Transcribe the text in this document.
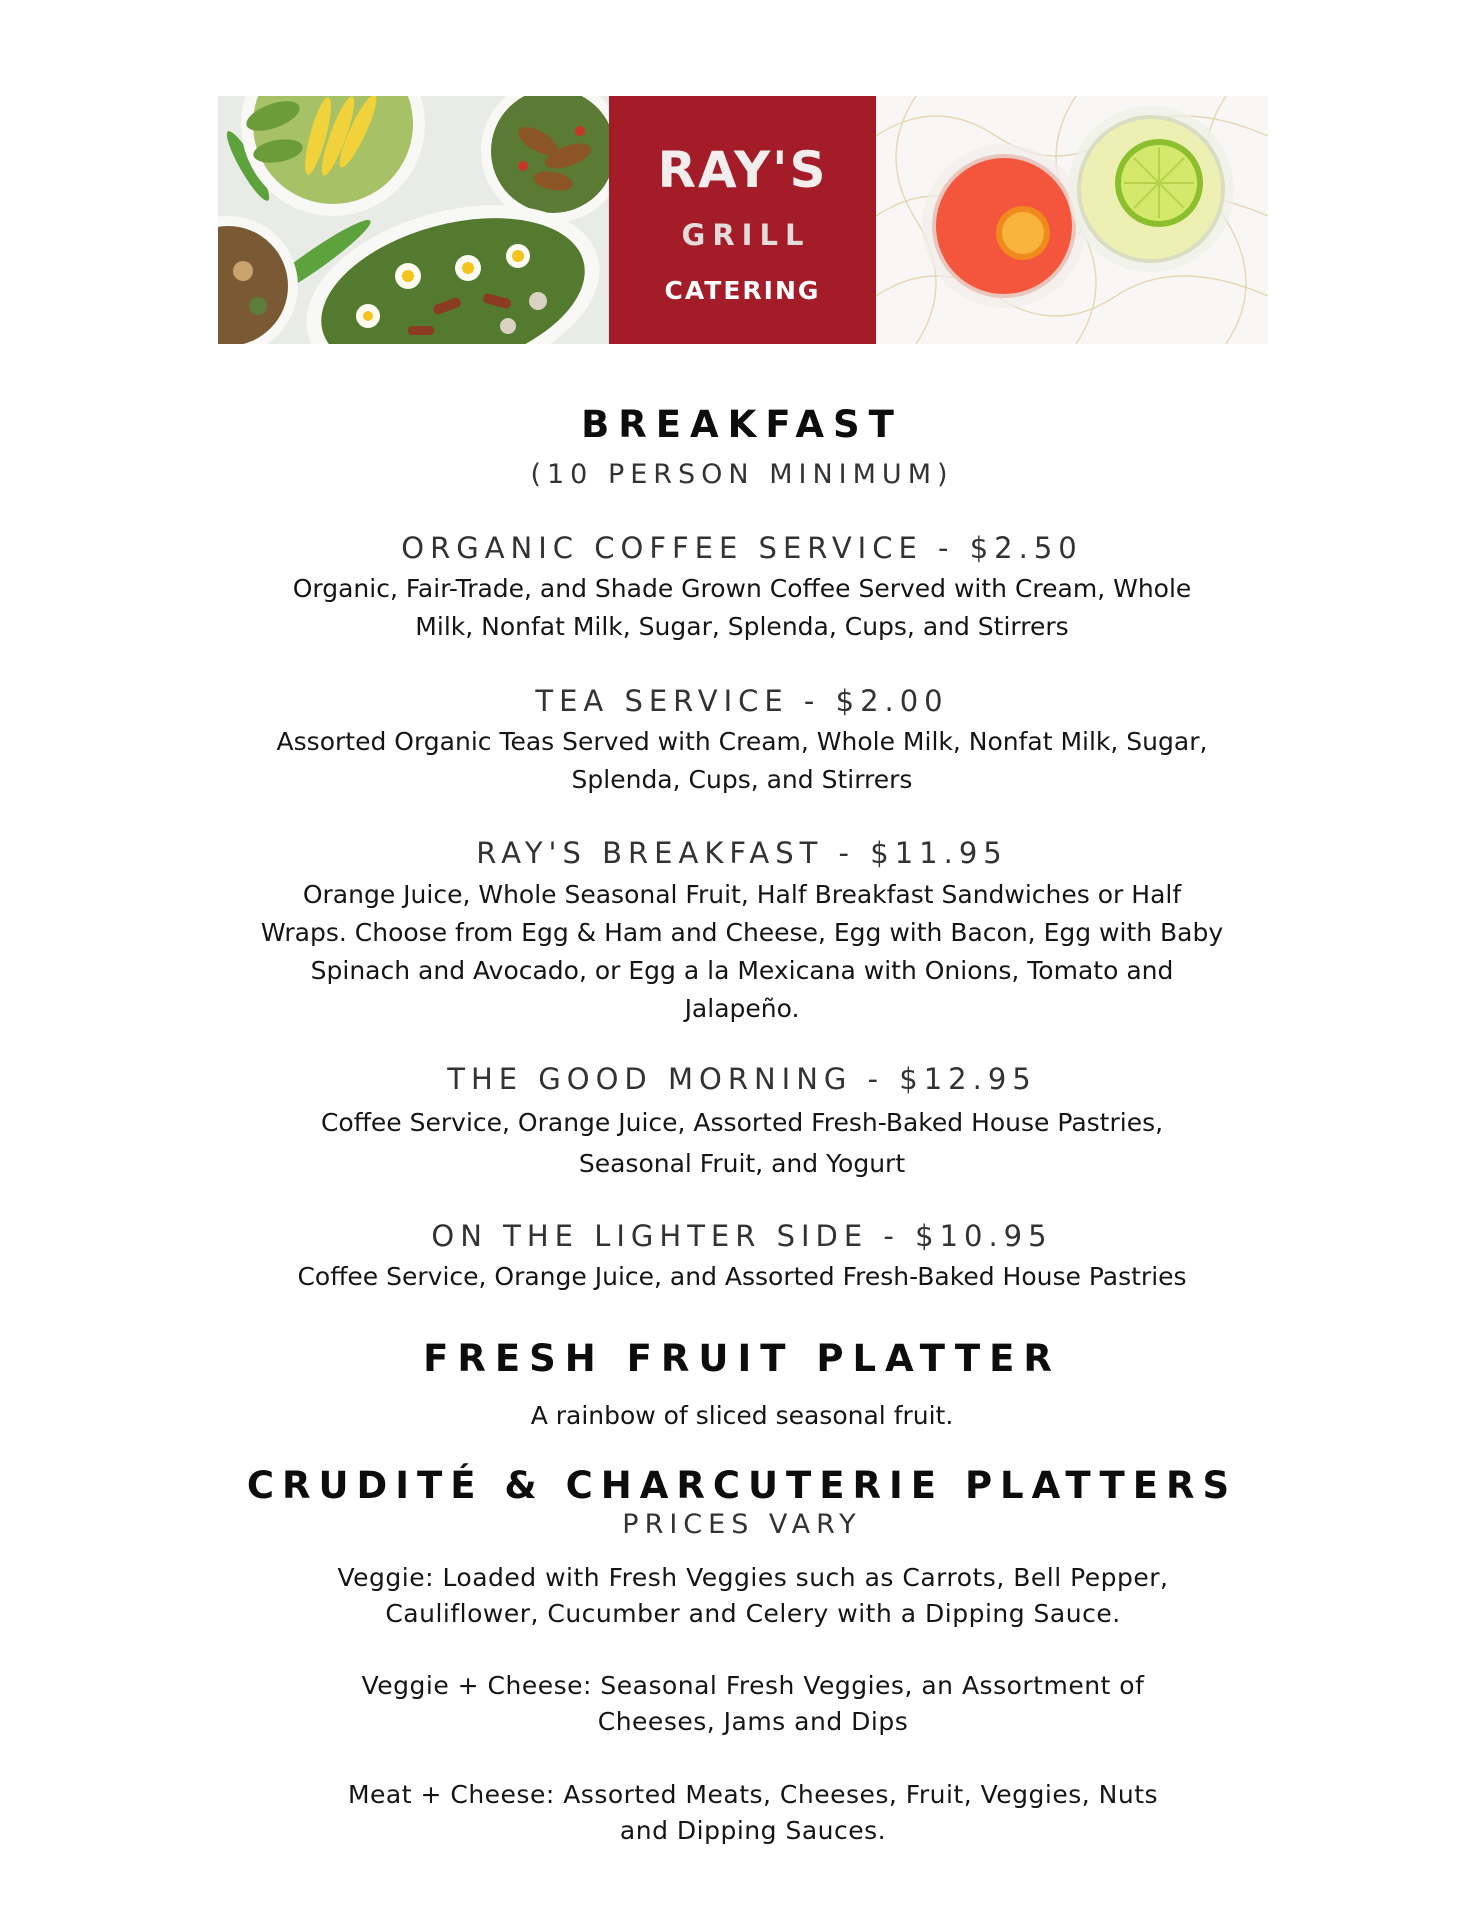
RAY'S
GRILL
CATERING
BREAKFAST
(10 PERSON MINIMUM)
ORGANIC COFFEE SERVICE - $2.50
Organic, Fair-Trade, and Shade Grown Coffee Served with Cream, Whole
Milk, Nonfat Milk, Sugar, Splenda, Cups, and Stirrers
TEA SERVICE - $2.00
Assorted Organic Teas Served with Cream, Whole Milk, Nonfat Milk, Sugar,
Splenda, Cups, and Stirrers
RAY'S BREAKFAST - $11.95
Orange Juice, Whole Seasonal Fruit, Half Breakfast Sandwiches or Half
Wraps. Choose from Egg & Ham and Cheese, Egg with Bacon, Egg with Baby
Spinach and Avocado, or Egg a la Mexicana with Onions, Tomato and
Jalapeño.
THE GOOD MORNING - $12.95
Coffee Service, Orange Juice, Assorted Fresh-Baked House Pastries,
Seasonal Fruit, and Yogurt
ON THE LIGHTER SIDE - $10.95
Coffee Service, Orange Juice, and Assorted Fresh-Baked House Pastries
FRESH FRUIT PLATTER
A rainbow of sliced seasonal fruit.
CRUDITÉ & CHARCUTERIE PLATTERS
PRICES VARY
Veggie: Loaded with Fresh Veggies such as Carrots, Bell Pepper,
Cauliflower, Cucumber and Celery with a Dipping Sauce.
Veggie + Cheese: Seasonal Fresh Veggies, an Assortment of
Cheeses, Jams and Dips
Meat + Cheese: Assorted Meats, Cheeses, Fruit, Veggies, Nuts
and Dipping Sauces.
